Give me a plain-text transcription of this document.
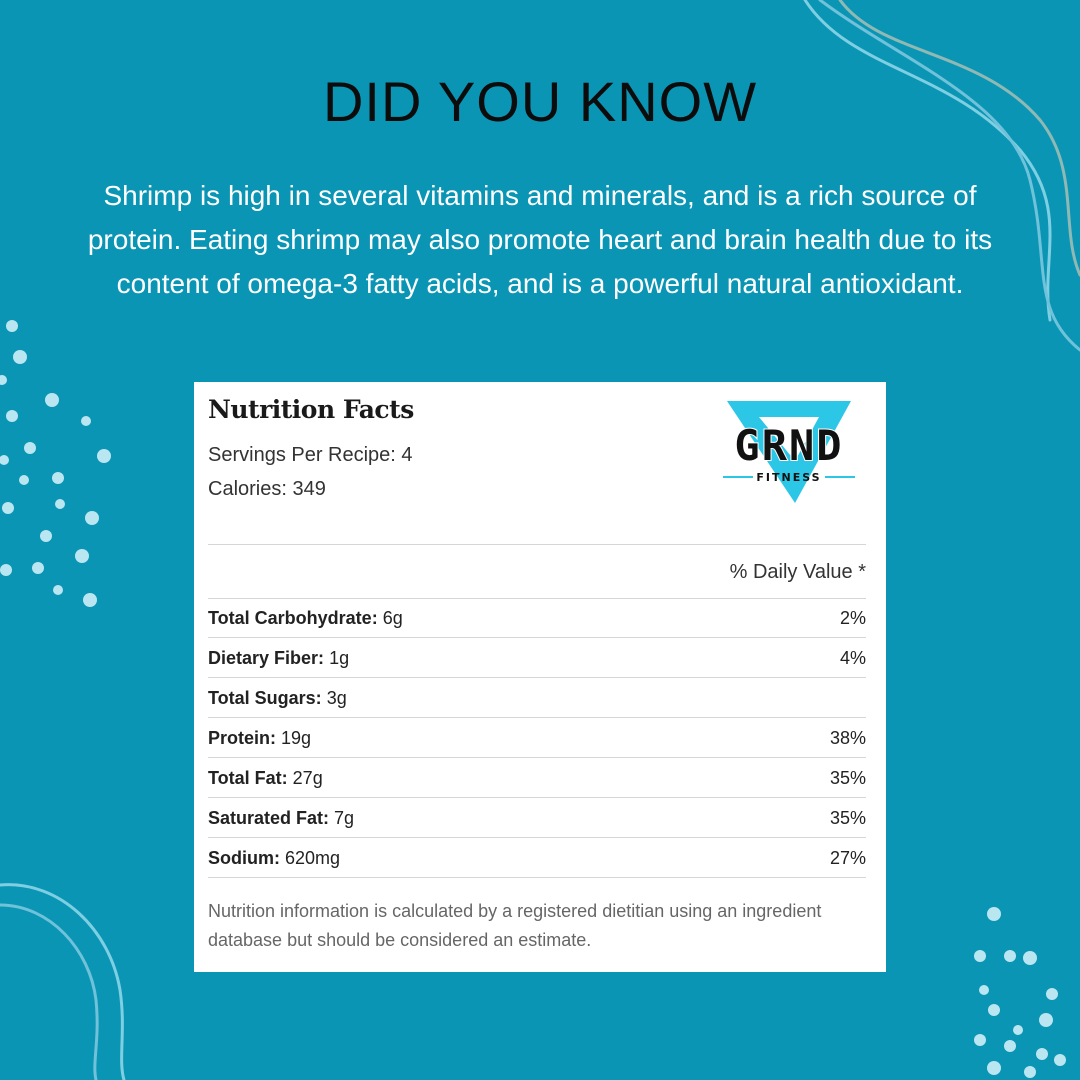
DID YOU KNOW
Shrimp is high in several vitamins and minerals, and is a rich source of protein. Eating shrimp may also promote heart and brain health due to its content of omega-3 fatty acids, and is a powerful natural antioxidant.
Nutrition Facts
Servings Per Recipe: 4
Calories: 349
GRND
FITNESS
% Daily Value *
Total Carbohydrate: 6g	2%
Dietary Fiber: 1g	4%
Total Sugars: 3g
Protein: 19g	38%
Total Fat: 27g	35%
Saturated Fat: 7g	35%
Sodium: 620mg	27%
Nutrition information is calculated by a registered dietitian using an ingredient database but should be considered an estimate.
